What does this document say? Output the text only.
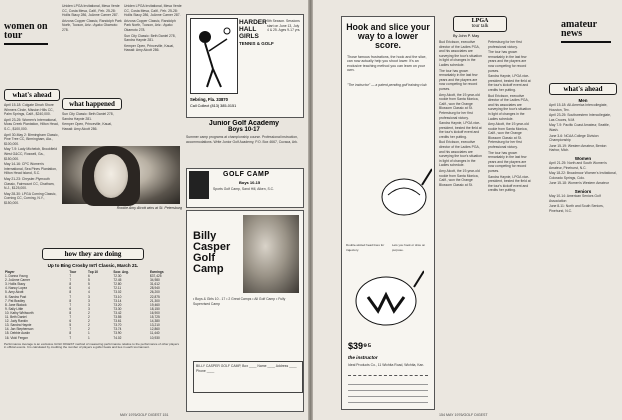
women on tour
what's ahead

April 15-18: Colgate Dinah Shore Winners Circle, Mission Hills CC, Palm Springs, Calif., $240,000.

April 23-25: Women's International, Moss Creek Plantation, Hilton Head, S.C., $100,000.

April 30-May 2: Birmingham Classic, Pine Tree CC, Birmingham, Ala., $100,000.

May 7-9: Lady Michelob, Brookfield West G&CC, Roswell, Ga., $150,000.

May 14-16: CPC Women's International, Sea Pines Plantation, Hilton Head Island, S.C.

May 21-23: Chrysler-Plymouth Classic, Fairmount CC, Chatham, N.J., $125,000.

May 28-30: LPGA Corning Classic, Corning CC, Corning, N.Y., $150,000.

Uniden LPGA Invitational, Mesa Verde CC, Costa Mesa, Calif., Feb. 25-28: Hollis Stacy 286, JoAnne Carner 287.

Arizona Copper Classic, Randolph Park North, Tucson, Ariz.: Ayako Okamoto 278.

what happened

Sun City Classic: Beth Daniel 278, Sandra Haynie 281.

Kemper Open, Princeville, Kauai, Hawaii: Amy Alcott 286.

Uniden LPGA Invitational, Mesa Verde CC, Costa Mesa, Calif., Feb. 25-28: Hollis Stacy 286, JoAnne Carner 287.

Arizona Copper Classic, Randolph Park North, Tucson, Ariz.: Ayako Okamoto 278.

Sun City Classic: Beth Daniel 278, Sandra Haynie 281.

Kemper Open, Princeville, Kauai, Hawaii: Amy Alcott 286.

Rookie Amy Alcott wins at St. Petersburg
how they are doing
Up to Bing Crosby Int'l Classic, March 21.
Player	Tour	Top 10	Scor. Avg.	Earnings
1. Donna Young	7	6	72.30	$37,425
2. JoAnne Carner	7	5	72.45	34,980
3. Hollis Stacy	8	5	72.80	31,612
4. Nancy Lopez	6	4	72.11	28,940
5. Amy Alcott	8	4	73.02	26,200
6. Sandra Post	7	3	73.10	22,875
7. Pat Bradley	8	3	73.14	21,300
8. Jane Blalock	7	3	73.20	19,460
9. Sally Little	6	3	73.30	18,150
10. Kathy Whitworth	8	2	73.42	16,900
11. Beth Daniel	7	2	73.55	15,725
12. Judy Rankin	6	2	73.61	14,380
13. Sandra Haynie	5	2	73.70	13,210
14. Jan Stephenson	7	2	73.74	12,860
15. Debbie Austin	8	1	73.90	11,440
16. Vicki Fergon	7	1	74.02	10,930
Performance Average is an exclusive GOLF DIGEST method of measuring performance relative to the performance of other players in official events. It is calculated by crediting the number of players a golfer beats and ties in each tournament.
MAY 1976/GOLF DIGEST 151
HARDER
HALL
GIRLS
TENNIS & GOLF
5th Season. Sessions start on June 13, July 4 & 25. Ages 9-17 yrs.
Sebring, Fla. 33870
Call Collect (813) 385-0151
Junior Golf Academy
Boys 10-17
Summer camp programs at championship course. Professional instruction, accommodations. Write Junior Golf Academy, P.O. Box 4667, Cuvaca, Ark.
GOLF CAMP
Boys 10-15
Sports Golf Camp, Sand Hill, Aiken, S.C.
Billy
Casper
Golf
Camp
• Boys & Girls 10 - 17 • 2 Great Camps • All Golf Camp • Fully Supervised Camp
BILLY CASPER GOLF CAMP, Box ____ Name ____ Address ____ Phone ____
Hook and slice your way to a lower score.
Those famous frustrations, the hook and the slice, can now actually help you shoot lower. It's an exclusive teaching method you can learn on your own.
"The instructor" — a patent-pending golf training club
Double-slotted head lines for trajectory.
Lets you hook or slice on purpose.
$39⁹⁵
the instructor
Ideal Products Co., 11 Wichita Road, Wichita, Kan.
LPGA
tour talk
By John P. May

Bud Erickson, executive director of the Ladies PGA, and his associates are surveying the tour's situation in light of changes in the Ladies schedule.

The tour has grown remarkably in the last few years and the players are now competing for record purses.

Amy Alcott, the 19-year-old rookie from Santa Monica, Calif., won the Orange Blossom Classic at St. Petersburg for her first professional victory.

Sandra Haynie, LPGA vice-president, bested the field at the tour's kickoff event and credits her putting.

Bud Erickson, executive director of the Ladies PGA, and his associates are surveying the tour's situation in light of changes in the Ladies schedule.

Amy Alcott, the 19-year-old rookie from Santa Monica, Calif., won the Orange Blossom Classic at St. Petersburg for her first professional victory.

The tour has grown remarkably in the last few years and the players are now competing for record purses.

Sandra Haynie, LPGA vice-president, bested the field at the tour's kickoff event and credits her putting.

Bud Erickson, executive director of the Ladies PGA, and his associates are surveying the tour's situation in light of changes in the Ladies schedule.

Amy Alcott, the 19-year-old rookie from Santa Monica, Calif., won the Orange Blossom Classic at St. Petersburg for her first professional victory.

The tour has grown remarkably in the last few years and the players are now competing for record purses.

Sandra Haynie, LPGA vice-president, bested the field at the tour's kickoff event and credits her putting.

amateur news
what's ahead
Men

April 15-18: All-America Intercollegiate, Houston, Tex.

April 23-25: Southwestern Intercollegiate, Las Cruces, N.M.

May 7-9: Pacific Coast Amateur, Seattle, Wash.

June 3-6: NCAA College Division Championship

June 15-19: Western Amateur, Benton Harbor, Mich.

Women

April 21-25: North and South Women's Amateur, Pinehurst, N.C.

May 18-22: Broadmoor Women's Invitational, Colorado Springs, Colo.

June 15-18: Women's Western Amateur

Seniors

May 10-14: American Seniors Golf Association

June 8-11: North and South Seniors, Pinehurst, N.C.

154 MAY 1976/GOLF DIGEST
